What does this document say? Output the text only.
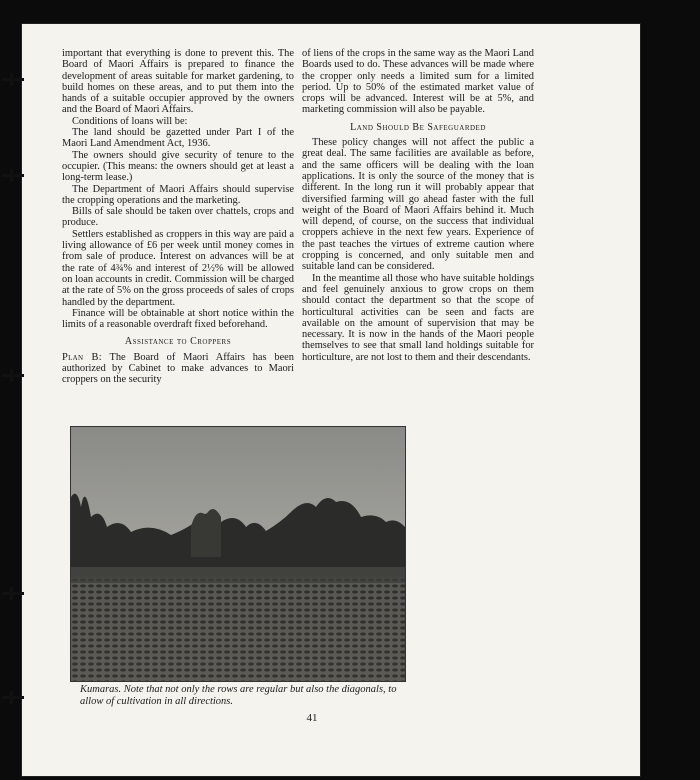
important that everything is done to prevent this. The Board of Maori Affairs is prepared to finance the development of areas suitable for market gardening, to build homes on these areas, and to put them into the hands of a suitable occupier approved by the owners and the Board of Maori Affairs.

Conditions of loans will be:

The land should be gazetted under Part I of the Maori Land Amendment Act, 1936.

The owners should give security of tenure to the occupier. (This means: the owners should get at least a long-term lease.)

The Department of Maori Affairs should supervise the cropping operations and the marketing.

Bills of sale should be taken over chattels, crops and produce.

Settlers established as croppers in this way are paid a living allowance of £6 per week until money comes in from sale of produce. Interest on advances will be at the rate of 4¾% and interest of 2½% will be allowed on loan accounts in credit. Commission will be charged at the rate of 5% on the gross proceeds of sales of crops handled by the department.

Finance will be obtainable at short notice within the limits of a reasonable overdraft fixed beforehand.

Assistance to Croppers

Plan B: The Board of Maori Affairs has been authorized by Cabinet to make advances to Maori croppers on the security

of liens of the crops in the same way as the Maori Land Boards used to do. These advances will be made where the cropper only needs a limited sum for a limited period. Up to 50% of the estimated market value of crops will be advanced. Interest will be at 5%, and marketing commission will also be payable.

Land Should Be Safeguarded

These policy changes will not affect the public a great deal. The same facilities are available as before, and the same officers will be dealing with the loan applications. It is only the source of the money that is different. In the long run it will probably appear that diversified farming will go ahead faster with the full weight of the Board of Maori Affairs behind it. Much will depend, of course, on the success that individual croppers achieve in the next few years. Experience of the past teaches the virtues of extreme caution where cropping is concerned, and only suitable men and suitable land can be considered.

In the meantime all those who have suitable holdings and feel genuinely anxious to grow crops on them should contact the department so that the scope of horticultural activities can be seen and facts are available on the amount of supervision that may be necessary. It is now in the hands of the Maori people themselves to see that small land holdings suitable for horticulture, are not lost to them and their descendants.

Kumaras. Note that not only the rows are regular but also the diagonals, to allow of cultivation in all directions.
41
